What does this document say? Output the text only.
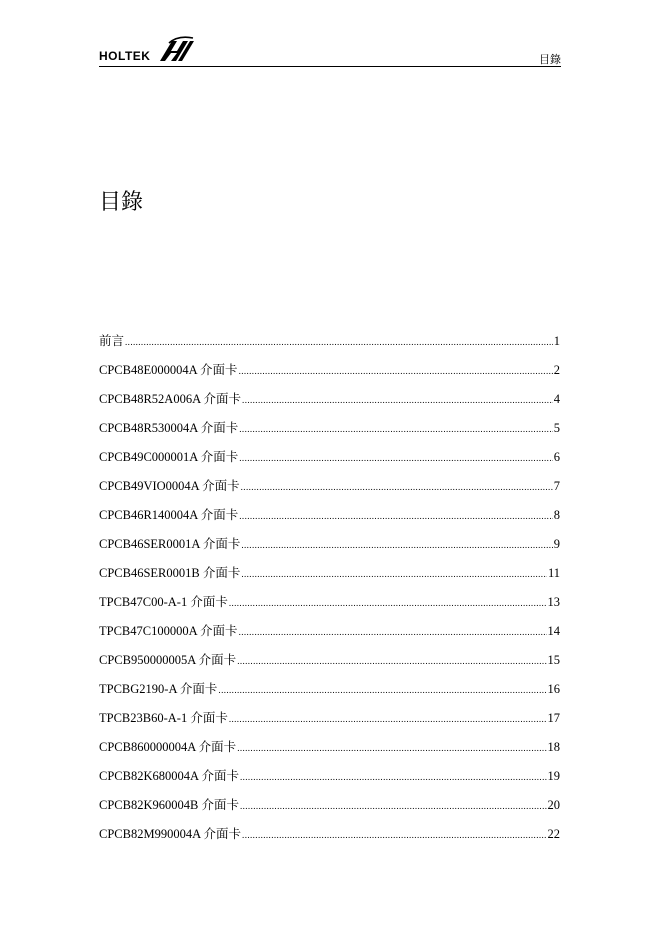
HOLTEK	目錄
目錄
前言 .....	1
CPCB48E000004A 介面卡 .....	2
CPCB48R52A006A 介面卡 .....	4
CPCB48R530004A 介面卡 .....	5
CPCB49C000001A 介面卡 .....	6
CPCB49VIO0004A 介面卡 .....	7
CPCB46R140004A 介面卡 .....	8
CPCB46SER0001A 介面卡 .....	9
CPCB46SER0001B 介面卡 .....	11
TPCB47C00-A-1 介面卡 .....	13
TPCB47C100000A 介面卡 .....	14
CPCB950000005A 介面卡 .....	15
TPCBG2190-A 介面卡 .....	16
TPCB23B60-A-1 介面卡 .....	17
CPCB860000004A 介面卡 .....	18
CPCB82K680004A 介面卡 .....	19
CPCB82K960004B 介面卡 .....	20
CPCB82M990004A 介面卡 .....	22
